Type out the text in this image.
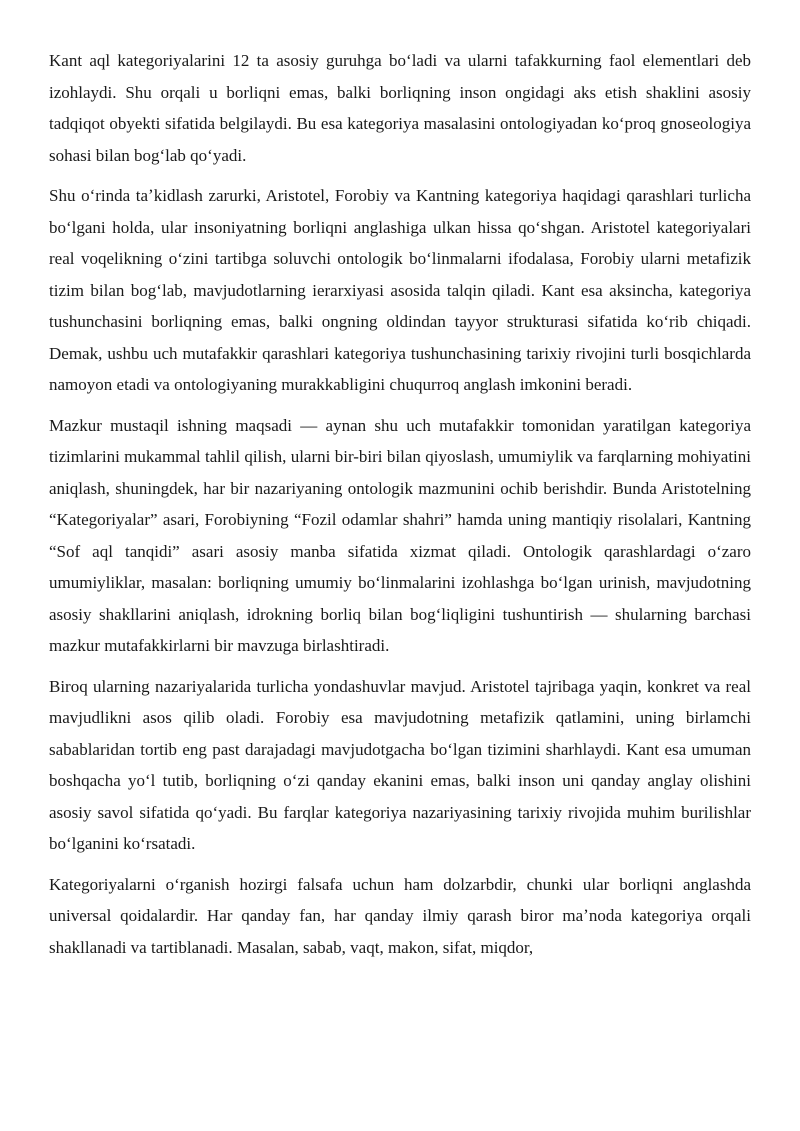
Kant aql kategoriyalarini 12 ta asosiy guruhga boʻladi va ularni tafakkurning faol elementlari deb izohlaydi. Shu orqali u borliqni emas, balki borliqning inson ongidagi aks etish shaklini asosiy tadqiqot obyekti sifatida belgilaydi. Bu esa kategoriya masalasini ontologiyadan koʻproq gnoseologiya sohasi bilan bogʻlab qoʻyadi.

Shu oʻrinda taʼkidlash zarurki, Aristotel, Forobiy va Kantning kategoriya haqidagi qarashlari turlicha boʻlgani holda, ular insoniyatning borliqni anglashiga ulkan hissa qoʻshgan. Aristotel kategoriyalari real voqelikning oʻzini tartibga soluvchi ontologik boʻlinmalarni ifodalasa, Forobiy ularni metafizik tizim bilan bogʻlab, mavjudotlarning ierarxiyasi asosida talqin qiladi. Kant esa aksincha, kategoriya tushunchasini borliqning emas, balki ongning oldindan tayyor strukturasi sifatida koʻrib chiqadi. Demak, ushbu uch mutafakkir qarashlari kategoriya tushunchasining tarixiy rivojini turli bosqichlarda namoyon etadi va ontologiyaning murakkabligini chuqurroq anglash imkonini beradi.

Mazkur mustaqil ishning maqsadi — aynan shu uch mutafakkir tomonidan yaratilgan kategoriya tizimlarini mukammal tahlil qilish, ularni bir-biri bilan qiyoslash, umumiylik va farqlarning mohiyatini aniqlash, shuningdek, har bir nazariyaning ontologik mazmunini ochib berishdir. Bunda Aristotelning “Kategoriyalar” asari, Forobiyning “Fozil odamlar shahri” hamda uning mantiqiy risolalari, Kantning “Sof aql tanqidi” asari asosiy manba sifatida xizmat qiladi. Ontologik qarashlardagi oʻzaro umumiyliklar, masalan: borliqning umumiy boʻlinmalarini izohlashga boʻlgan urinish, mavjudotning asosiy shakllarini aniqlash, idrokning borliq bilan bogʻliqligini tushuntirish — shularning barchasi mazkur mutafakkirlarni bir mavzuga birlashtiradi.

Biroq ularning nazariyalarida turlicha yondashuvlar mavjud. Aristotel tajribaga yaqin, konkret va real mavjudlikni asos qilib oladi. Forobiy esa mavjudotning metafizik qatlamini, uning birlamchi sabablaridan tortib eng past darajadagi mavjudotgacha boʻlgan tizimini sharhlaydi. Kant esa umuman boshqacha yoʻl tutib, borliqning oʻzi qanday ekanini emas, balki inson uni qanday anglay olishini asosiy savol sifatida qoʻyadi. Bu farqlar kategoriya nazariyasining tarixiy rivojida muhim burilishlar boʻlganini koʻrsatadi.

Kategoriyalarni oʻrganish hozirgi falsafa uchun ham dolzarbdir, chunki ular borliqni anglashda universal qoidalardir. Har qanday fan, har qanday ilmiy qarash biror maʼnoda kategoriya orqali shakllanadi va tartiblanadi. Masalan, sabab, vaqt, makon, sifat, miqdor,
